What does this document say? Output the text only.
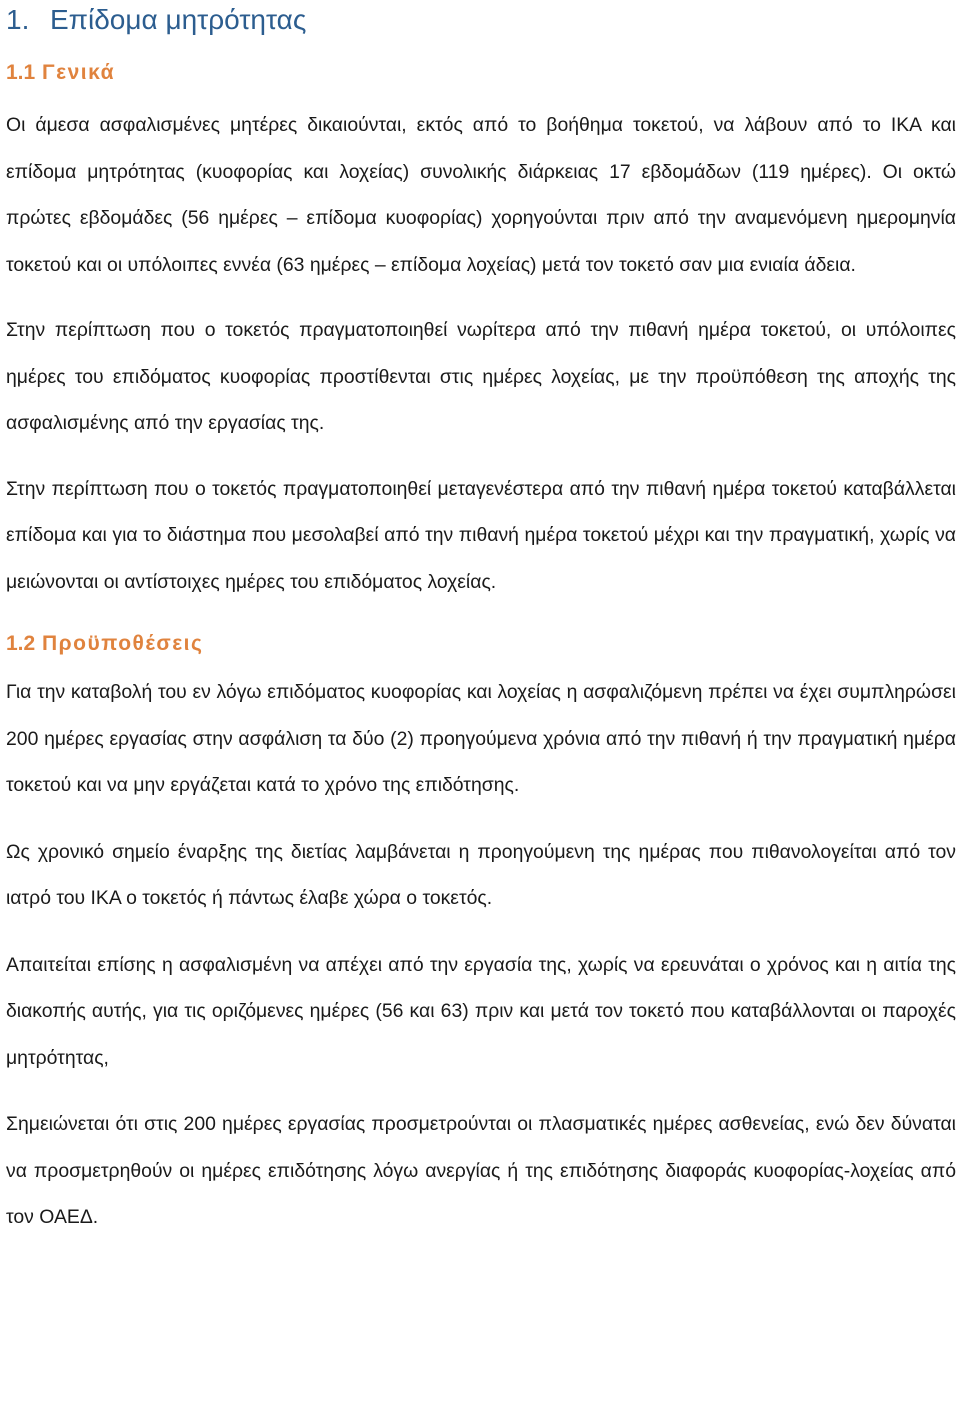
1. Επίδομα μητρότητας
1.1 Γενικά

Οι άμεσα ασφαλισμένες μητέρες δικαιούνται, εκτός από το βοήθημα τοκετού, να λάβουν από το ΙΚΑ και επίδομα μητρότητας (κυοφορίας και λοχείας) συνολικής διάρκειας 17 εβδομάδων (119 ημέρες). Οι οκτώ πρώτες εβδομάδες (56 ημέρες – επίδομα κυοφορίας) χορηγούνται πριν από την αναμενόμενη ημερομηνία τοκετού και οι υπόλοιπες εννέα (63 ημέρες – επίδομα λοχείας) μετά τον τοκετό σαν μια ενιαία άδεια.

Στην περίπτωση που ο τοκετός πραγματοποιηθεί νωρίτερα από την πιθανή ημέρα τοκετού, οι υπόλοιπες ημέρες του επιδόματος κυοφορίας προστίθενται στις ημέρες λοχείας, με την προϋπόθεση της αποχής της ασφαλισμένης από την εργασίας της.

Στην περίπτωση που ο τοκετός πραγματοποιηθεί μεταγενέστερα από την πιθανή ημέρα τοκετού καταβάλλεται επίδομα και για το διάστημα που μεσολαβεί από την πιθανή ημέρα τοκετού μέχρι και την πραγματική, χωρίς να μειώνονται οι αντίστοιχες ημέρες του επιδόματος λοχείας.

1.2 Προϋποθέσεις

Για την καταβολή του εν λόγω επιδόματος κυοφορίας και λοχείας η ασφαλιζόμενη πρέπει να έχει συμπληρώσει 200 ημέρες εργασίας στην ασφάλιση τα δύο (2) προηγούμενα χρόνια από την πιθανή ή την πραγματική ημέρα τοκετού και να μην εργάζεται κατά το χρόνο της επιδότησης.

Ως χρονικό σημείο έναρξης της διετίας λαμβάνεται η προηγούμενη της ημέρας που πιθανολογείται από τον ιατρό του ΙΚΑ ο τοκετός ή πάντως έλαβε χώρα ο τοκετός.

Απαιτείται επίσης η ασφαλισμένη να απέχει από την εργασία της, χωρίς να ερευνάται ο χρόνος και η αιτία της διακοπής αυτής, για τις οριζόμενες ημέρες (56 και 63) πριν και μετά τον τοκετό που καταβάλλονται οι παροχές μητρότητας,

Σημειώνεται ότι στις 200 ημέρες εργασίας προσμετρούνται οι πλασματικές ημέρες ασθενείας, ενώ δεν δύναται να προσμετρηθούν οι ημέρες επιδότησης λόγω ανεργίας ή της επιδότησης διαφοράς κυοφορίας-λοχείας από τον ΟΑΕΔ.
